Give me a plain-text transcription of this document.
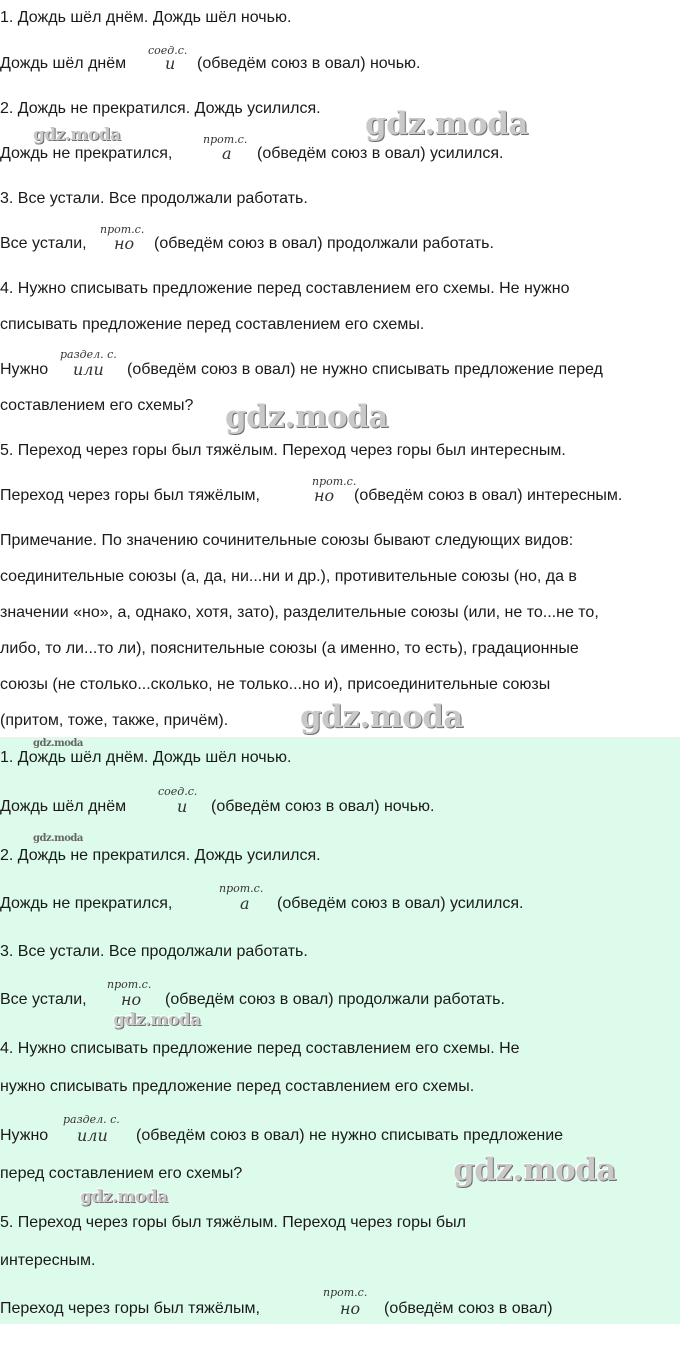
1. Дождь шёл днём. Дождь шёл ночью.
Дождь шёл днём
соед.с.
и (обведём союз в овал) ночью.
2. Дождь не прекратился. Дождь усилился.
gdz.moda	gdz.moda
Дождь не прекратился,
прот.с.
а (обведём союз в овал) усилился.
3. Все устали. Все продолжали работать.
Все устали,
прот.с.
но (обведём союз в овал) продолжали работать.
4. Нужно списывать предложение перед составлением его схемы. Не нужно
списывать предложение перед составлением его схемы.
Нужно
раздел. с.
или (обведём союз в овал) не нужно списывать предложение перед
составлением его схемы? gdz.moda
5. Переход через горы был тяжёлым. Переход через горы был интересным.
Переход через горы был тяжёлым,
прот.с.
но (обведём союз в овал) интересным.
Примечание. По значению сочинительные союзы бывают следующих видов:
соединительные союзы (а, да, ни...ни и др.), противительные союзы (но, да в
значении «но», а, однако, хотя, зато), разделительные союзы (или, не то...не то,
либо, то ли...то ли), пояснительные союзы (а именно, то есть), градационные
союзы (не столько...сколько, не только...но и), присоединительные союзы
(притом, тоже, также, причём). gdz.moda
gdz.moda
1. Дождь шёл днём. Дождь шёл ночью.
Дождь шёл днём
соед.с.
и (обведём союз в овал) ночью.
gdz.moda
2. Дождь не прекратился. Дождь усилился.
Дождь не прекратился,
прот.с.
а (обведём союз в овал) усилился.
3. Все устали. Все продолжали работать.
Все устали,
прот.с.
но (обведём союз в овал) продолжали работать.
gdz.moda
4. Нужно списывать предложение перед составлением его схемы. Не
нужно списывать предложение перед составлением его схемы.
Нужно
раздел. с.
или (обведём союз в овал) не нужно списывать предложение
перед составлением его схемы?	gdz.moda
gdz.moda
5. Переход через горы был тяжёлым. Переход через горы был
интересным.
Переход через горы был тяжёлым,
прот.с.
но (обведём союз в овал)
